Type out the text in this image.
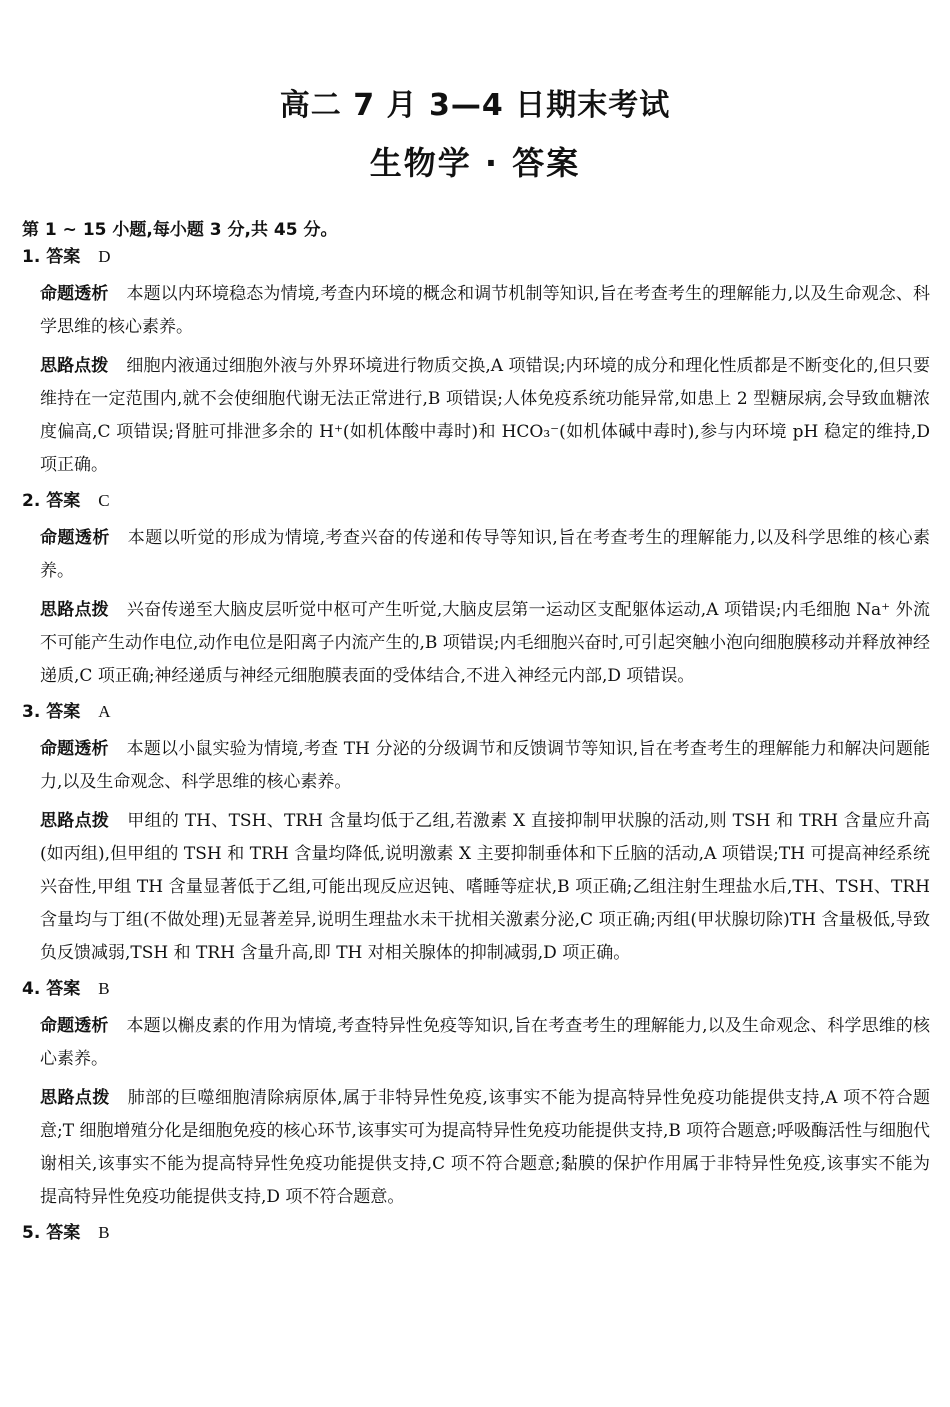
高二 7 月 3—4 日期末考试
生物学 · 答案
第 1 ~ 15 小题,每小题 3 分,共 45 分。
1. 答案 D
命题透析 本题以内环境稳态为情境,考查内环境的概念和调节机制等知识,旨在考查考生的理解能力,以及生命观念、科学思维的核心素养。
思路点拨 细胞内液通过细胞外液与外界环境进行物质交换,A 项错误;内环境的成分和理化性质都是不断变化的,但只要维持在一定范围内,就不会使细胞代谢无法正常进行,B 项错误;人体免疫系统功能异常,如患上 2 型糖尿病,会导致血糖浓度偏高,C 项错误;肾脏可排泄多余的 H⁺(如机体酸中毒时)和 HCO₃⁻(如机体碱中毒时),参与内环境 pH 稳定的维持,D 项正确。
2. 答案 C
命题透析 本题以听觉的形成为情境,考查兴奋的传递和传导等知识,旨在考查考生的理解能力,以及科学思维的核心素养。
思路点拨 兴奋传递至大脑皮层听觉中枢可产生听觉,大脑皮层第一运动区支配躯体运动,A 项错误;内毛细胞 Na⁺ 外流不可能产生动作电位,动作电位是阳离子内流产生的,B 项错误;内毛细胞兴奋时,可引起突触小泡向细胞膜移动并释放神经递质,C 项正确;神经递质与神经元细胞膜表面的受体结合,不进入神经元内部,D 项错误。
3. 答案 A
命题透析 本题以小鼠实验为情境,考查 TH 分泌的分级调节和反馈调节等知识,旨在考查考生的理解能力和解决问题能力,以及生命观念、科学思维的核心素养。
思路点拨 甲组的 TH、TSH、TRH 含量均低于乙组,若激素 X 直接抑制甲状腺的活动,则 TSH 和 TRH 含量应升高(如丙组),但甲组的 TSH 和 TRH 含量均降低,说明激素 X 主要抑制垂体和下丘脑的活动,A 项错误;TH 可提高神经系统兴奋性,甲组 TH 含量显著低于乙组,可能出现反应迟钝、嗜睡等症状,B 项正确;乙组注射生理盐水后,TH、TSH、TRH 含量均与丁组(不做处理)无显著差异,说明生理盐水未干扰相关激素分泌,C 项正确;丙组(甲状腺切除)TH 含量极低,导致负反馈减弱,TSH 和 TRH 含量升高,即 TH 对相关腺体的抑制减弱,D 项正确。
4. 答案 B
命题透析 本题以槲皮素的作用为情境,考查特异性免疫等知识,旨在考查考生的理解能力,以及生命观念、科学思维的核心素养。
思路点拨 肺部的巨噬细胞清除病原体,属于非特异性免疫,该事实不能为提高特异性免疫功能提供支持,A 项不符合题意;T 细胞增殖分化是细胞免疫的核心环节,该事实可为提高特异性免疫功能提供支持,B 项符合题意;呼吸酶活性与细胞代谢相关,该事实不能为提高特异性免疫功能提供支持,C 项不符合题意;黏膜的保护作用属于非特异性免疫,该事实不能为提高特异性免疫功能提供支持,D 项不符合题意。
5. 答案 B
